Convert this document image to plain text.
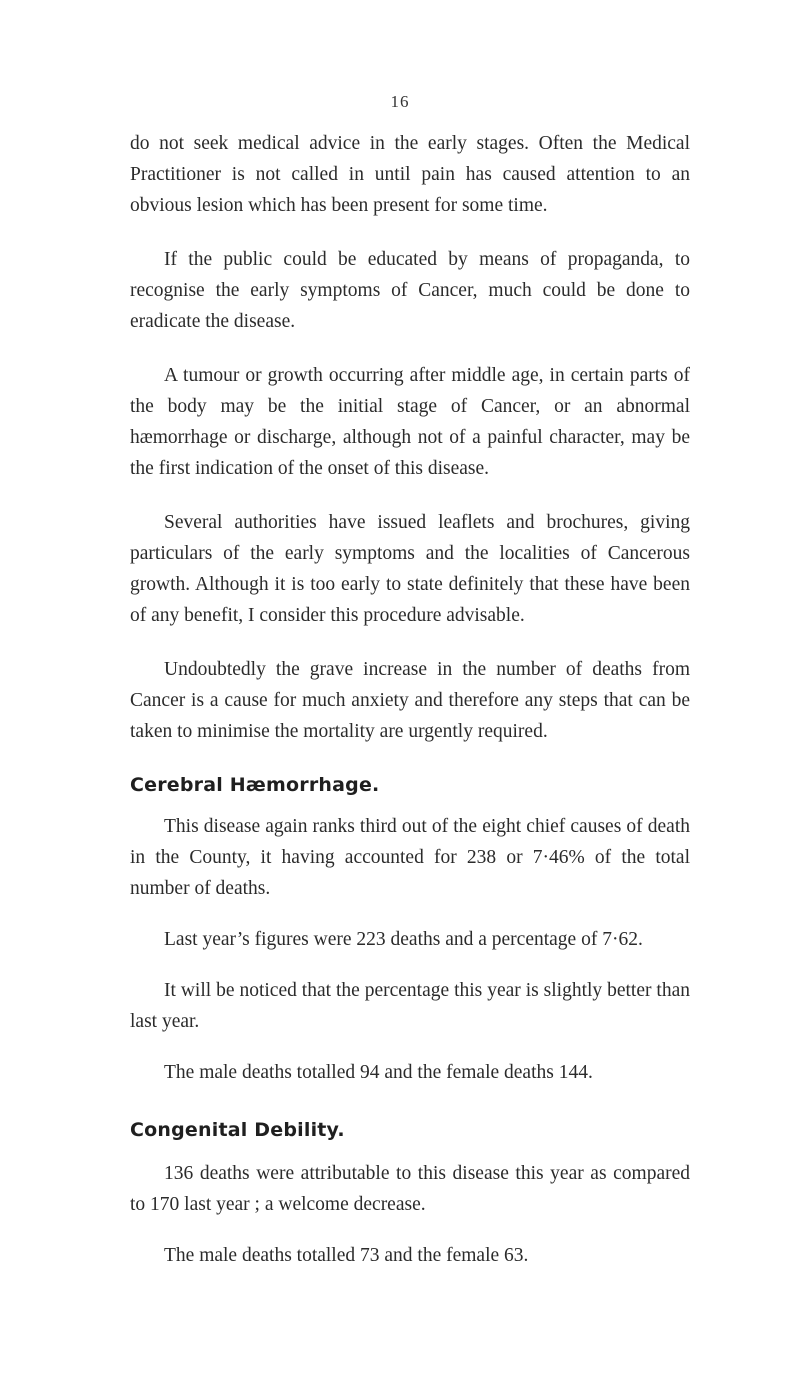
16

do not seek medical advice in the early stages. Often the Medical Practitioner is not called in until pain has caused attention to an obvious lesion which has been present for some time.

If the public could be educated by means of propaganda, to recognise the early symptoms of Cancer, much could be done to eradicate the disease.

A tumour or growth occurring after middle age, in certain parts of the body may be the initial stage of Cancer, or an abnormal hæmorrhage or discharge, although not of a painful character, may be the first indication of the onset of this disease.

Several authorities have issued leaflets and brochures, giving particulars of the early symptoms and the localities of Cancerous growth. Although it is too early to state definitely that these have been of any benefit, I consider this procedure advisable.

Undoubtedly the grave increase in the number of deaths from Cancer is a cause for much anxiety and therefore any steps that can be taken to minimise the mortality are urgently required.

Cerebral Hæmorrhage.

This disease again ranks third out of the eight chief causes of death in the County, it having accounted for 238 or 7·46% of the total number of deaths.

Last year’s figures were 223 deaths and a percentage of 7·62.

It will be noticed that the percentage this year is slightly better than last year.

The male deaths totalled 94 and the female deaths 144.

Congenital Debility.

136 deaths were attributable to this disease this year as compared to 170 last year ; a welcome decrease.

The male deaths totalled 73 and the female 63.
